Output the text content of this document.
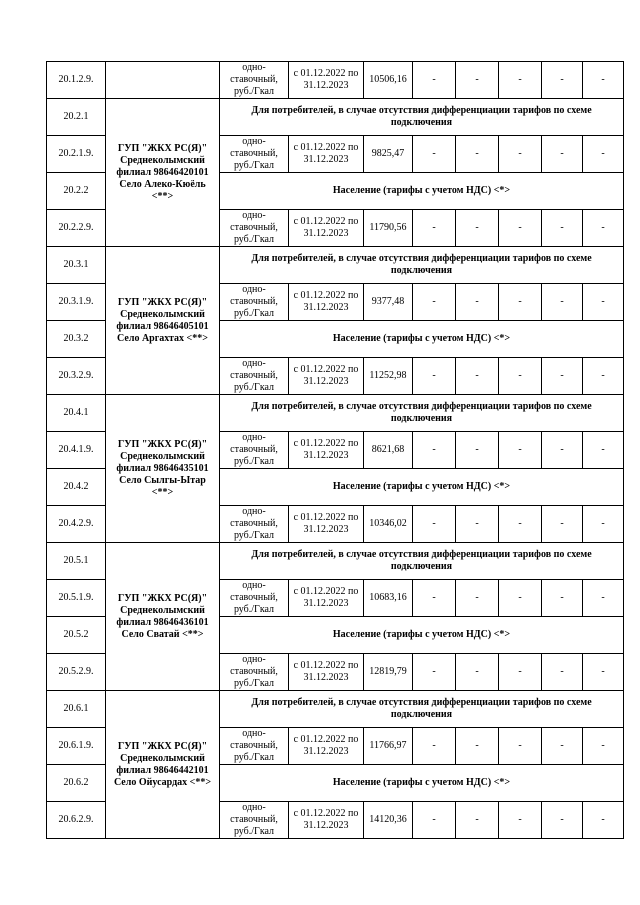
20.1.2.9.		одно-ставочный, руб./Гкал	с 01.12.2022 по 31.12.2023	10506,16	-	-	-	-	-
20.2.1	ГУП "ЖКХ РС(Я)" Среднеколымский филиал 98646420101 Село Алеко-Кюёль <**>	Для потребителей, в случае отсутствия дифференциации тарифов по схеме подключения							
20.2.1.9.		одно-ставочный, руб./Гкал	с 01.12.2022 по 31.12.2023	9825,47	-	-	-	-	-
20.2.2		Население (тарифы с учетом НДС) <*>							
20.2.2.9.		одно-ставочный, руб./Гкал	с 01.12.2022 по 31.12.2023	11790,56	-	-	-	-	-
20.3.1	ГУП "ЖКХ РС(Я)" Среднеколымский филиал 98646405101 Село Аргахтах <**>	Для потребителей, в случае отсутствия дифференциации тарифов по схеме подключения							
20.3.1.9.		одно-ставочный, руб./Гкал	с 01.12.2022 по 31.12.2023	9377,48	-	-	-	-	-
20.3.2		Население (тарифы с учетом НДС) <*>							
20.3.2.9.		одно-ставочный, руб./Гкал	с 01.12.2022 по 31.12.2023	11252,98	-	-	-	-	-
20.4.1	ГУП "ЖКХ РС(Я)" Среднеколымский филиал 98646435101 Село Сылгы-Ытар <**>	Для потребителей, в случае отсутствия дифференциации тарифов по схеме подключения							
20.4.1.9.		одно-ставочный, руб./Гкал	с 01.12.2022 по 31.12.2023	8621,68	-	-	-	-	-
20.4.2		Население (тарифы с учетом НДС) <*>							
20.4.2.9.		одно-ставочный, руб./Гкал	с 01.12.2022 по 31.12.2023	10346,02	-	-	-	-	-
20.5.1	ГУП "ЖКХ РС(Я)" Среднеколымский филиал 98646436101 Село Сватай <**>	Для потребителей, в случае отсутствия дифференциации тарифов по схеме подключения							
20.5.1.9.		одно-ставочный, руб./Гкал	с 01.12.2022 по 31.12.2023	10683,16	-	-	-	-	-
20.5.2		Население (тарифы с учетом НДС) <*>							
20.5.2.9.		одно-ставочный, руб./Гкал	с 01.12.2022 по 31.12.2023	12819,79	-	-	-	-	-
20.6.1	ГУП "ЖКХ РС(Я)" Среднеколымский филиал 98646442101 Село Ойусардах <**>	Для потребителей, в случае отсутствия дифференциации тарифов по схеме подключения							
20.6.1.9.		одно-ставочный, руб./Гкал	с 01.12.2022 по 31.12.2023	11766,97	-	-	-	-	-
20.6.2		Население (тарифы с учетом НДС) <*>							
20.6.2.9.		одно-ставочный, руб./Гкал	с 01.12.2022 по 31.12.2023	14120,36	-	-	-	-	-
